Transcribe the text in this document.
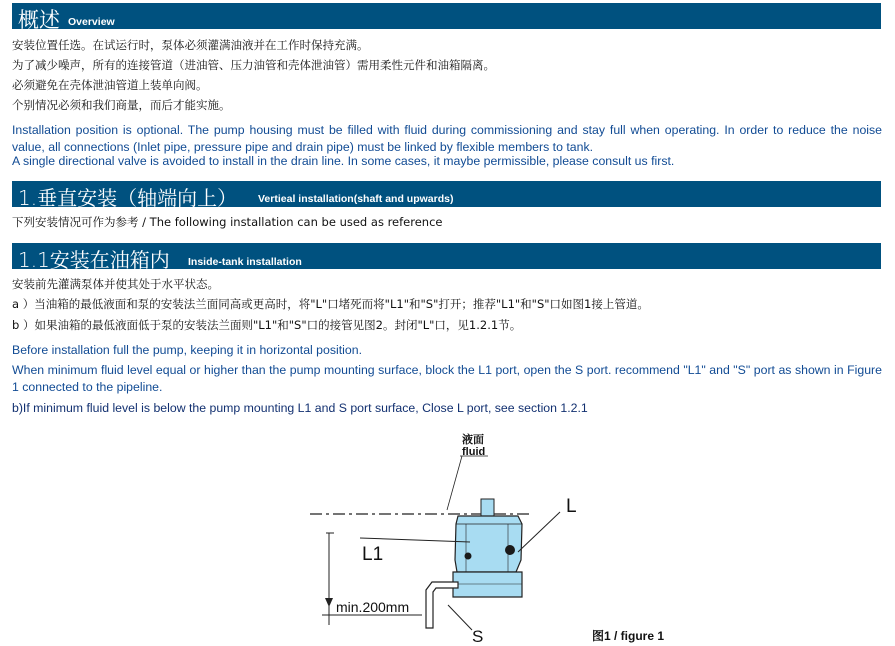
概述 Overview
安装位置任选。在试运行时，泵体必须灌满油液并在工作时保持充满。
为了减少噪声，所有的连接管道（进油管、压力油管和壳体泄油管）需用柔性元件和油箱隔离。
必须避免在壳体泄油管道上装单向阀。
个别情况必须和我们商量，而后才能实施。
Installation position is optional. The pump housing must be filled with fluid during commissioning and stay full when operating. In order to reduce the noise value, all connections (Inlet pipe, pressure pipe and drain pipe) must be linked by flexible members to tank.
A single directional valve is avoided to install in the drain line. In some cases, it maybe permissible, please consult us first.
1.垂直安装（轴端向上） Vertieal installation(shaft and upwards)
下列安装情况可作为参考 / The following installation can be used as reference
1.1安装在油箱内 Inside-tank installation
安装前先灌满泵体并使其处于水平状态。
a ）当油箱的最低液面和泵的安装法兰面同高或更高时，将"L"口堵死而将"L1"和"S"打开；推荐"L1"和"S"口如图1接上管道。
b ）如果油箱的最低液面低于泵的安装法兰面则"L1"和"S"口的接管见图2。封闭"L"口，见1.2.1节。
Before installation full the pump, keeping it in horizontal position.
When minimum fluid level equal or higher than the pump mounting surface, block the L1 port, open the S port. recommend "L1" and "S" port as shown in Figure 1 connected to the pipeline.
b)If minimum fluid level is below the pump mounting L1 and S port surface, Close L port, see section 1.2.1
液面
fluid
L
L1
min.200mm
S	图1 / figure 1
